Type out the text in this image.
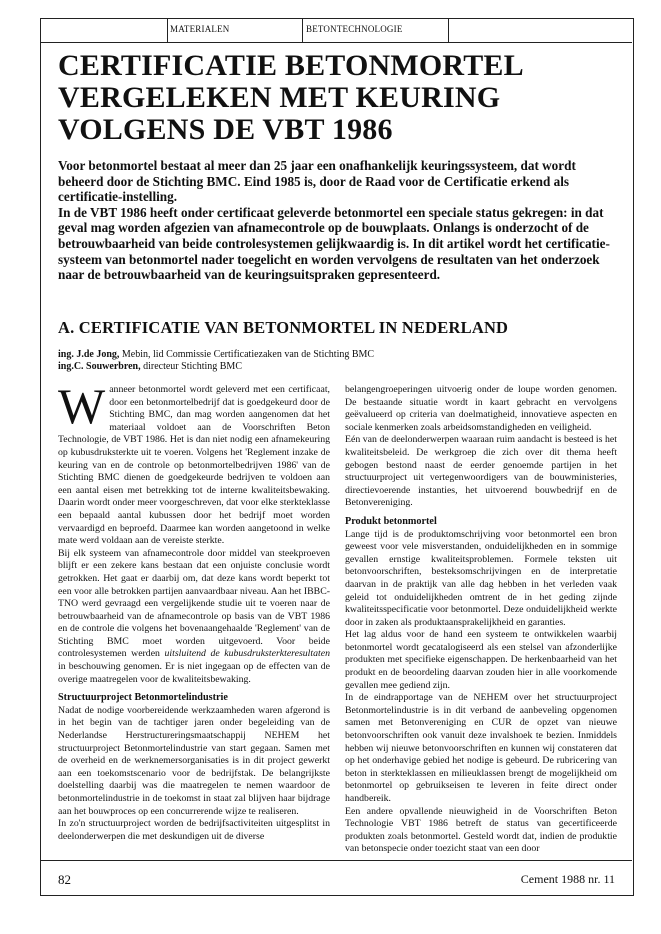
MATERIALEN	BETONTECHNOLOGIE
CERTIFICATIE BETONMORTEL VERGELEKEN MET KEURING VOLGENS DE VBT 1986

Voor betonmortel bestaat al meer dan 25 jaar een onafhankelijk keuringssysteem, dat wordt beheerd door de Stichting BMC. Eind 1985 is, door de Raad voor de Certificatie erkend als certificatie-instelling.

In de VBT 1986 heeft onder certificaat geleverde betonmortel een speciale status gekregen: in dat geval mag worden afgezien van afnamecontrole op de bouwplaats. Onlangs is onderzocht of de betrouwbaarheid van beide controlesystemen gelijkwaardig is. In dit artikel wordt het certificatie-systeem van betonmortel nader toegelicht en worden vervolgens de resultaten van het onderzoek naar de betrouwbaarheid van de keuringsuitspraken gepresenteerd.

A. CERTIFICATIE VAN BETONMORTEL IN NEDERLAND
ing. J.de Jong, Mebin, lid Commissie Certificatiezaken van de Stichting BMC
ing.C. Souwerbren, directeur Stichting BMC

Wanneer betonmortel wordt geleverd met een certificaat, door een betonmortelbedrijf dat is goedgekeurd door de Stichting BMC, dan mag worden aangenomen dat het materiaal voldoet aan de Voorschriften Beton Technologie, de VBT 1986. Het is dan niet nodig een afnamekeuring op kubusdruksterkte uit te voeren. Volgens het 'Reglement inzake de keuring van en de controle op betonmortelbedrijven 1986' van de Stichting BMC dienen de goedgekeurde bedrijven te voldoen aan een aantal eisen met betrekking tot de interne kwaliteitsbewaking. Daarin wordt onder meer voorgeschreven, dat voor elke sterkteklasse een bepaald aantal kubussen door het bedrijf moet worden vervaardigd en beproefd. Daarmee kan worden aangetoond in welke mate werd voldaan aan de vereiste sterkte.

Bij elk systeem van afnamecontrole door middel van steekproeven blijft er een zekere kans bestaan dat een onjuiste conclusie wordt getrokken. Het gaat er daarbij om, dat deze kans wordt beperkt tot een voor alle betrokken partijen aanvaardbaar niveau. Aan het IBBC-TNO werd gevraagd een vergelijkende studie uit te voeren naar de betrouwbaarheid van de afnamecontrole op basis van de VBT 1986 en de controle die volgens het bovenaangehaalde 'Reglement' van de Stichting BMC moet worden uitgevoerd. Voor beide controlesystemen werden uitsluitend de kubusdruksterkteresultaten in beschouwing genomen. Er is niet ingegaan op de effecten van de overige maatregelen voor de kwaliteitsbewaking.

Structuurproject Betonmortelindustrie

Nadat de nodige voorbereidende werkzaamheden waren afgerond is in het begin van de tachtiger jaren onder begeleiding van de Nederlandse Herstructureringsmaatschappij NEHEM het structuurproject Betonmortelindustrie van start gegaan. Samen met de overheid en de werknemersorganisaties is in dit project gewerkt aan een toekomstscenario voor de bedrijfstak. De belangrijkste doelstelling daarbij was die maatregelen te nemen waardoor de betonmortelindustrie in de toekomst in staat zal blijven haar bijdrage aan het bouwproces op een concurrerende wijze te realiseren.

In zo'n structuurproject worden de bedrijfsactiviteiten uitgesplitst in deelonderwerpen die met deskundigen uit de diverse

belangengroeperingen uitvoerig onder de loupe worden genomen. De bestaande situatie wordt in kaart gebracht en vervolgens geëvalueerd op criteria van doelmatigheid, innovatieve aspecten en sociale kenmerken zoals arbeidsomstandigheden en veiligheid.

Eén van de deelonderwerpen waaraan ruim aandacht is besteed is het kwaliteitsbeleid. De werkgroep die zich over dit thema heeft gebogen bestond naast de eerder genoemde partijen in het structuurproject uit vertegenwoordigers van de bouwministeries, directievoerende instanties, het uitvoerend bouwbedrijf en de Betonvereniging.

Produkt betonmortel

Lange tijd is de produktomschrijving voor betonmortel een bron geweest voor vele misverstanden, onduidelijkheden en in sommige gevallen ernstige kwaliteitsproblemen. Formele teksten uit betonvoorschriften, besteksomschrijvingen en de interpretatie daarvan in de praktijk van alle dag hebben in het verleden vaak geleid tot onduidelijkheden omtrent de in het geding zijnde kwaliteitsspecificatie voor betonmortel. Deze onduidelijkheid werkte door in zaken als produktaansprakelijkheid en garanties.

Het lag aldus voor de hand een systeem te ontwikkelen waarbij betonmortel wordt gecatalogiseerd als een stelsel van afzonderlijke produkten met specifieke eigenschappen. De herkenbaarheid van het produkt en de beoordeling daarvan zouden hier in alle voorkomende gevallen mee gediend zijn.

In de eindrapportage van de NEHEM over het structuurproject Betonmortelindustrie is in dit verband de aanbeveling opgenomen samen met Betonvereniging en CUR de opzet van nieuwe betonvoorschriften ook vanuit deze invalshoek te bezien. Inmiddels hebben wij nieuwe betonvoorschriften en kunnen wij constateren dat op het onderhavige gebied het nodige is gebeurd. De rubricering van beton in sterkteklassen en milieuklassen brengt de mogelijkheid om betonmortel op gebruikseisen te leveren in feite direct onder handbereik.

Een andere opvallende nieuwigheid in de Voorschriften Beton Technologie VBT 1986 betreft de status van gecertificeerde produkten zoals betonmortel. Gesteld wordt dat, indien de produktie van betonspecie onder toezicht staat van een door

82	Cement 1988 nr. 11
